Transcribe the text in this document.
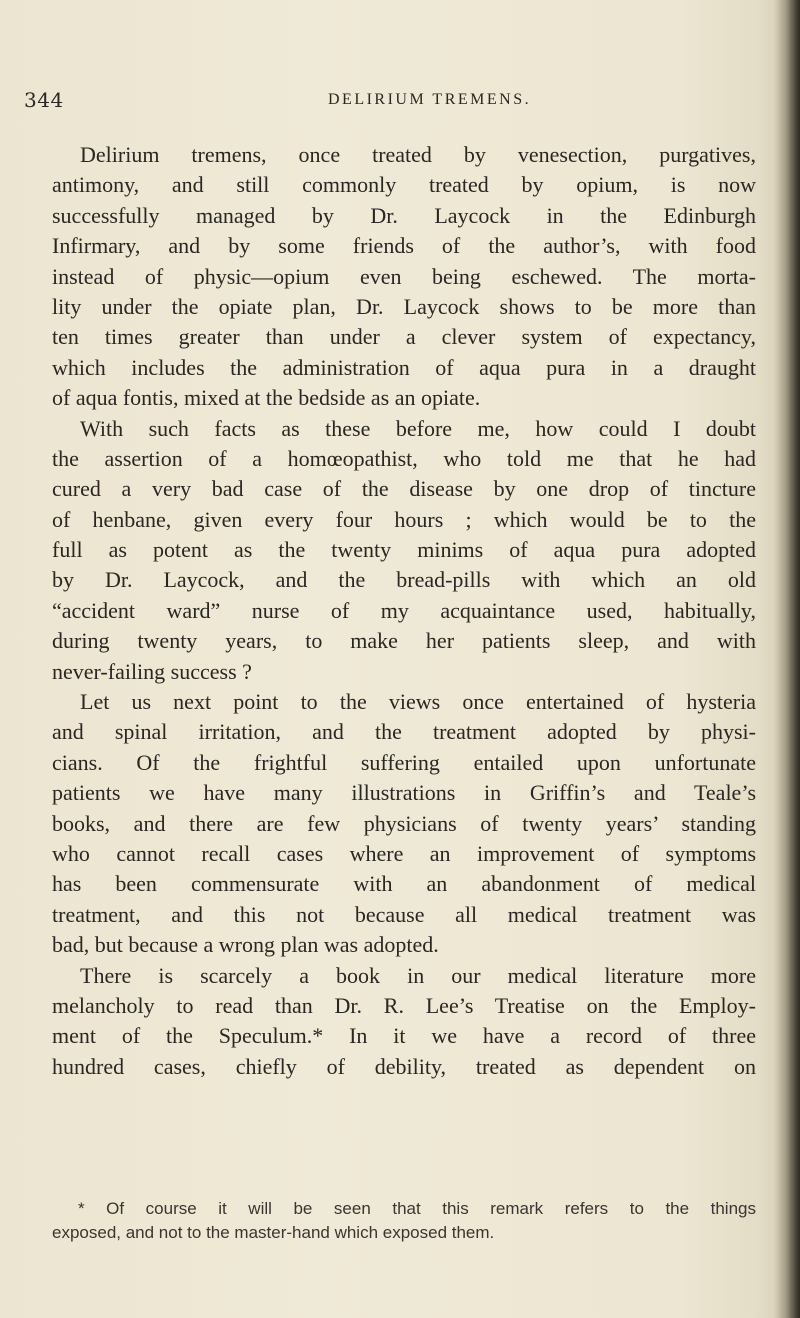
344	DELIRIUM TREMENS.
Delirium tremens, once treated by venesection, purgatives,
antimony, and still commonly treated by opium, is now
successfully managed by Dr. Laycock in the Edinburgh
Infirmary, and by some friends of the author’s, with food
instead of physic—opium even being eschewed. The morta-
lity under the opiate plan, Dr. Laycock shows to be more than
ten times greater than under a clever system of expectancy,
which includes the administration of aqua pura in a draught
of aqua fontis, mixed at the bedside as an opiate.
With such facts as these before me, how could I doubt
the assertion of a homœopathist, who told me that he had
cured a very bad case of the disease by one drop of tincture
of henbane, given every four hours ; which would be to the
full as potent as the twenty minims of aqua pura adopted
by Dr. Laycock, and the bread-pills with which an old
“accident ward” nurse of my acquaintance used, habitually,
during twenty years, to make her patients sleep, and with
never-failing success ?
Let us next point to the views once entertained of hysteria
and spinal irritation, and the treatment adopted by physi-
cians. Of the frightful suffering entailed upon unfortunate
patients we have many illustrations in Griffin’s and Teale’s
books, and there are few physicians of twenty years’ standing
who cannot recall cases where an improvement of symptoms
has been commensurate with an abandonment of medical
treatment, and this not because all medical treatment was
bad, but because a wrong plan was adopted.
There is scarcely a book in our medical literature more
melancholy to read than Dr. R. Lee’s Treatise on the Employ-
ment of the Speculum.* In it we have a record of three
hundred cases, chiefly of debility, treated as dependent on
* Of course it will be seen that this remark refers to the things
exposed, and not to the master-hand which exposed them.
